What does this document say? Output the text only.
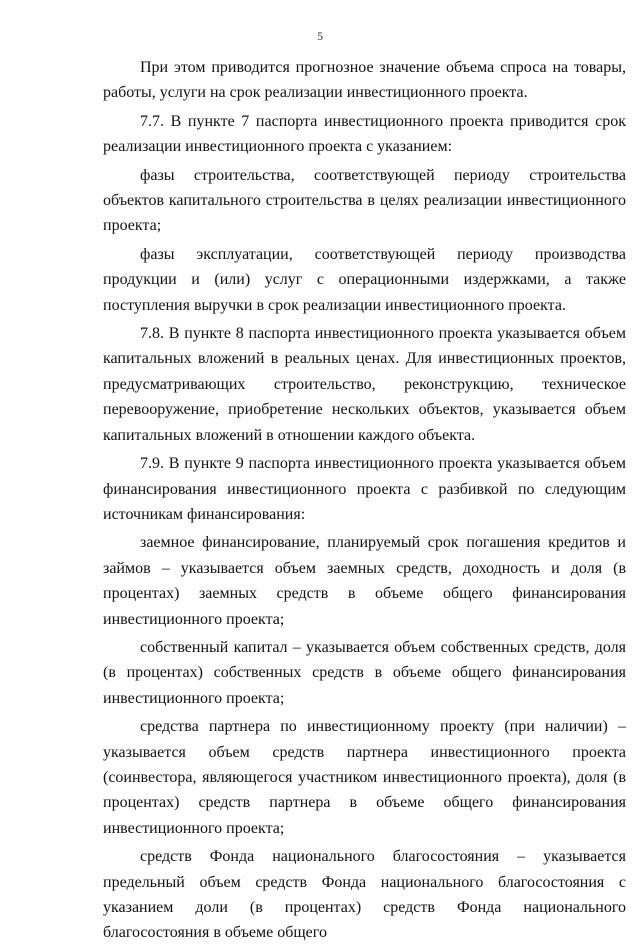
5

При этом приводится прогнозное значение объема спроса на товары, работы, услуги на срок реализации инвестиционного проекта.

7.7. В пункте 7 паспорта инвестиционного проекта приводится срок реализации инвестиционного проекта с указанием:

фазы строительства, соответствующей периоду строительства объектов капитального строительства в целях реализации инвестиционного проекта;

фазы эксплуатации, соответствующей периоду производства продукции и (или) услуг с операционными издержками, а также поступления выручки в срок реализации инвестиционного проекта.

7.8. В пункте 8 паспорта инвестиционного проекта указывается объем капитальных вложений в реальных ценах. Для инвестиционных проектов, предусматривающих строительство, реконструкцию, техническое перевооружение, приобретение нескольких объектов, указывается объем капитальных вложений в отношении каждого объекта.

7.9. В пункте 9 паспорта инвестиционного проекта указывается объем финансирования инвестиционного проекта с разбивкой по следующим источникам финансирования:

заемное финансирование, планируемый срок погашения кредитов и займов – указывается объем заемных средств, доходность и доля (в процентах) заемных средств в объеме общего финансирования инвестиционного проекта;

собственный капитал – указывается объем собственных средств, доля (в процентах) собственных средств в объеме общего финансирования инвестиционного проекта;

средства партнера по инвестиционному проекту (при наличии) – указывается объем средств партнера инвестиционного проекта (соинвестора, являющегося участником инвестиционного проекта), доля (в процентах) средств партнера в объеме общего финансирования инвестиционного проекта;

средств Фонда национального благосостояния – указывается предельный объем средств Фонда национального благосостояния с указанием доли (в процентах) средств Фонда национального благосостояния в объеме общего
